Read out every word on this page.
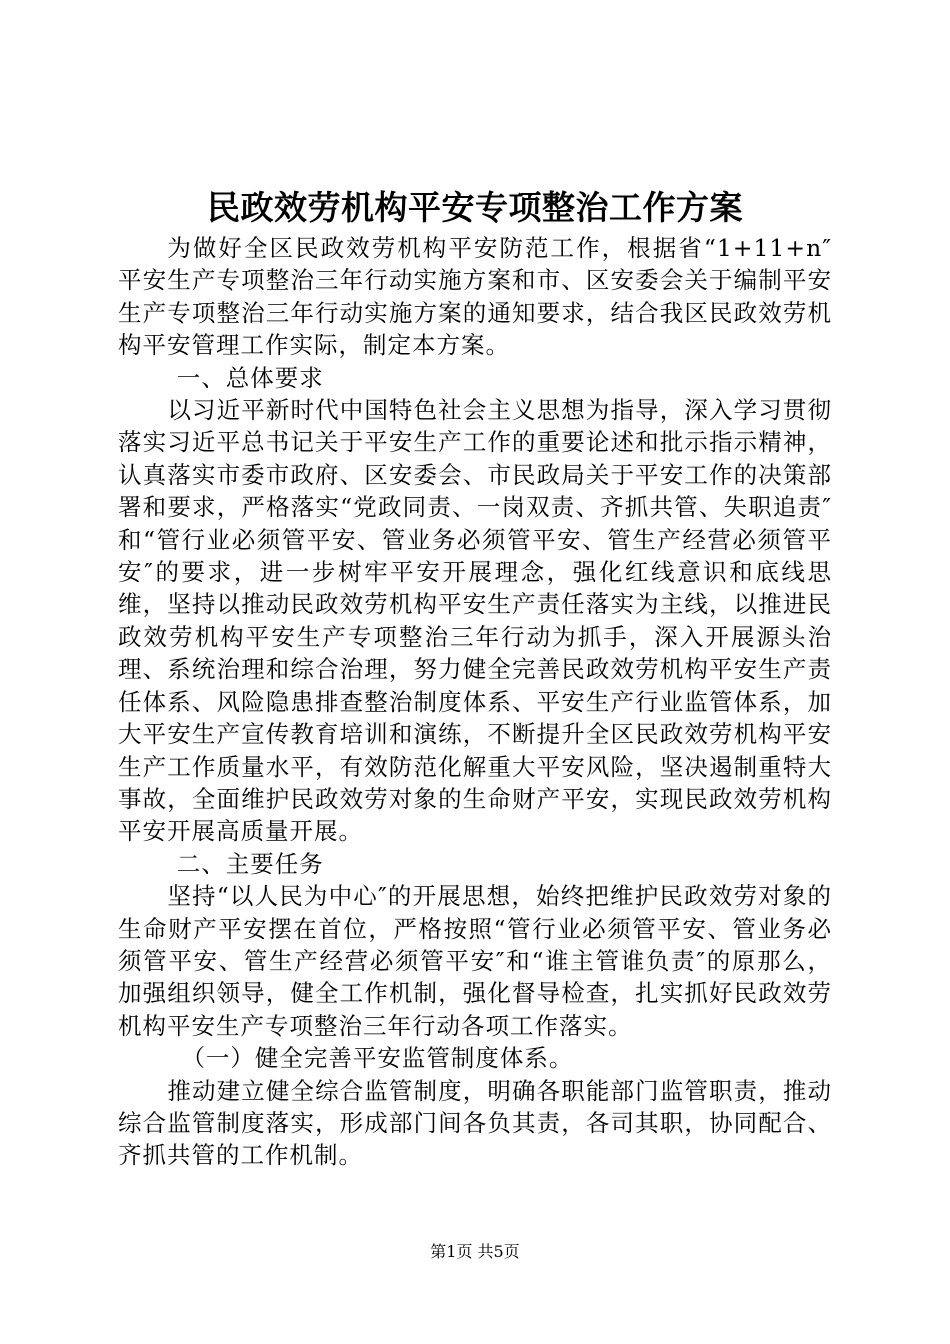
民政效劳机构平安专项整治工作方案

为做好全区民政效劳机构平安防范工作，根据省“1+11+n″平安生产专项整治三年行动实施方案和市、区安委会关于编制平安生产专项整治三年行动实施方案的通知要求，结合我区民政效劳机构平安管理工作实际，制定本方案。

一、总体要求

以习近平新时代中国特色社会主义思想为指导，深入学习贯彻落实习近平总书记关于平安生产工作的重要论述和批示指示精神，认真落实市委市政府、区安委会、市民政局关于平安工作的决策部署和要求，严格落实“党政同责、一岗双责、齐抓共管、失职追责″和“管行业必须管平安、管业务必须管平安、管生产经营必须管平安″的要求，进一步树牢平安开展理念，强化红线意识和底线思维，坚持以推动民政效劳机构平安生产责任落实为主线，以推进民政效劳机构平安生产专项整治三年行动为抓手，深入开展源头治理、系统治理和综合治理，努力健全完善民政效劳机构平安生产责任体系、风险隐患排查整治制度体系、平安生产行业监管体系，加大平安生产宣传教育培训和演练，不断提升全区民政效劳机构平安生产工作质量水平，有效防范化解重大平安风险，坚决遏制重特大事故，全面维护民政效劳对象的生命财产平安，实现民政效劳机构平安开展高质量开展。

二、主要任务

坚持“以人民为中心″的开展思想，始终把维护民政效劳对象的生命财产平安摆在首位，严格按照“管行业必须管平安、管业务必须管平安、管生产经营必须管平安″和“谁主管谁负责″的原那么，加强组织领导，健全工作机制，强化督导检查，扎实抓好民政效劳机构平安生产专项整治三年行动各项工作落实。

（一）健全完善平安监管制度体系。

推动建立健全综合监管制度，明确各职能部门监管职责，推动综合监管制度落实，形成部门间各负其责，各司其职，协同配合、齐抓共管的工作机制。

第1页 共5页
